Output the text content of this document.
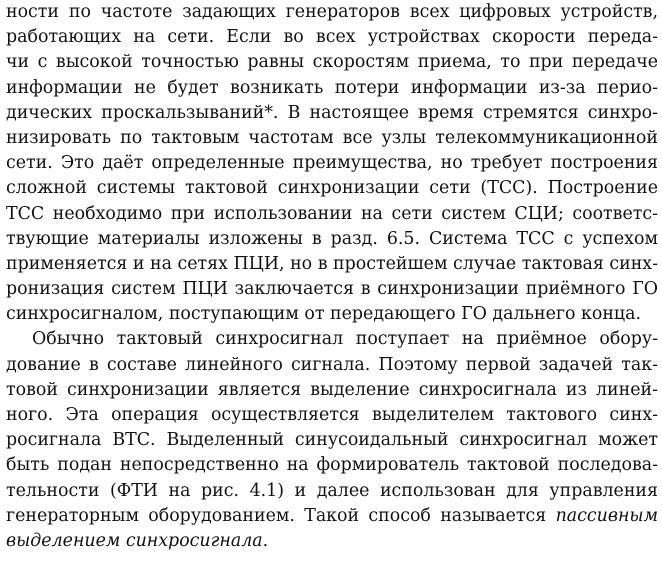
ности по частоте задающих генераторов всех цифровых устройств,
работающих на сети. Если во всех устройствах скорости переда-
чи с высокой точностью равны скоростям приема, то при передаче
информации не будет возникать потери информации из-за перио-
дических проскальзываний*. В настоящее время стремятся синхро-
низировать по тактовым частотам все узлы телекоммуникационной
сети. Это даёт определенные преимущества, но требует построения
сложной системы тактовой синхронизации сети (ТСС). Построение
ТСС необходимо при использовании на сети систем СЦИ; соответс-
твующие материалы изложены в разд. 6.5. Система ТСС с успехом
применяется и на сетях ПЦИ, но в простейшем случае тактовая синх-
ронизация систем ПЦИ заключается в синхронизации приёмного ГО
синхросигналом, поступающим от передающего ГО дальнего конца.
Обычно тактовый синхросигнал поступает на приёмное обору-
дование в составе линейного сигнала. Поэтому первой задачей так-
товой синхронизации является выделение синхросигнала из линей-
ного. Эта операция осуществляется выделителем тактового синх-
росигнала ВТС. Выделенный синусоидальный синхросигнал может
быть подан непосредственно на формирователь тактовой последова-
тельности (ФТИ на рис. 4.1) и далее использован для управления
генераторным оборудованием. Такой способ называется пассивным
выделением синхросигнала.
